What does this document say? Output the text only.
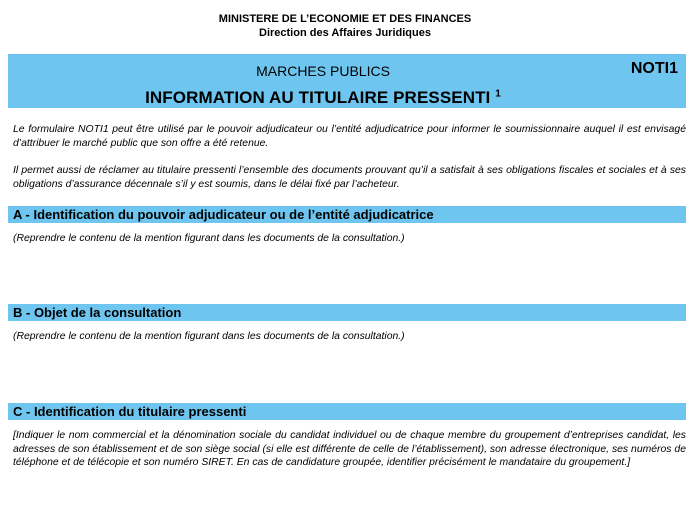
MINISTERE DE L’ECONOMIE ET DES FINANCES
Direction des Affaires Juridiques
MARCHES PUBLICS
INFORMATION AU TITULAIRE PRESSENTI $^1$
NOTI1
Le formulaire NOTI1 peut être utilisé par le pouvoir adjudicateur ou l’entité adjudicatrice pour informer le soumissionnaire auquel il est envisagé d’attribuer le marché public que son offre a été retenue.
Il permet aussi de réclamer au titulaire pressenti l’ensemble des documents prouvant qu’il a satisfait à ses obligations fiscales et sociales et à ses obligations d’assurance décennale s’il y est soumis, dans le délai fixé par l’acheteur.
A - Identification du pouvoir adjudicateur ou de l’entité adjudicatrice
(Reprendre le contenu de la mention figurant dans les documents de la consultation.)
B - Objet de la consultation
(Reprendre le contenu de la mention figurant dans les documents de la consultation.)
C - Identification du titulaire pressenti
[Indiquer le nom commercial et la dénomination sociale du candidat individuel ou de chaque membre du groupement d’entreprises candidat, les adresses de son établissement et de son siège social (si elle est différente de celle de l’établissement), son adresse électronique, ses numéros de téléphone et de télécopie et son numéro SIRET. En cas de candidature groupée, identifier précisément le mandataire du groupement.]
